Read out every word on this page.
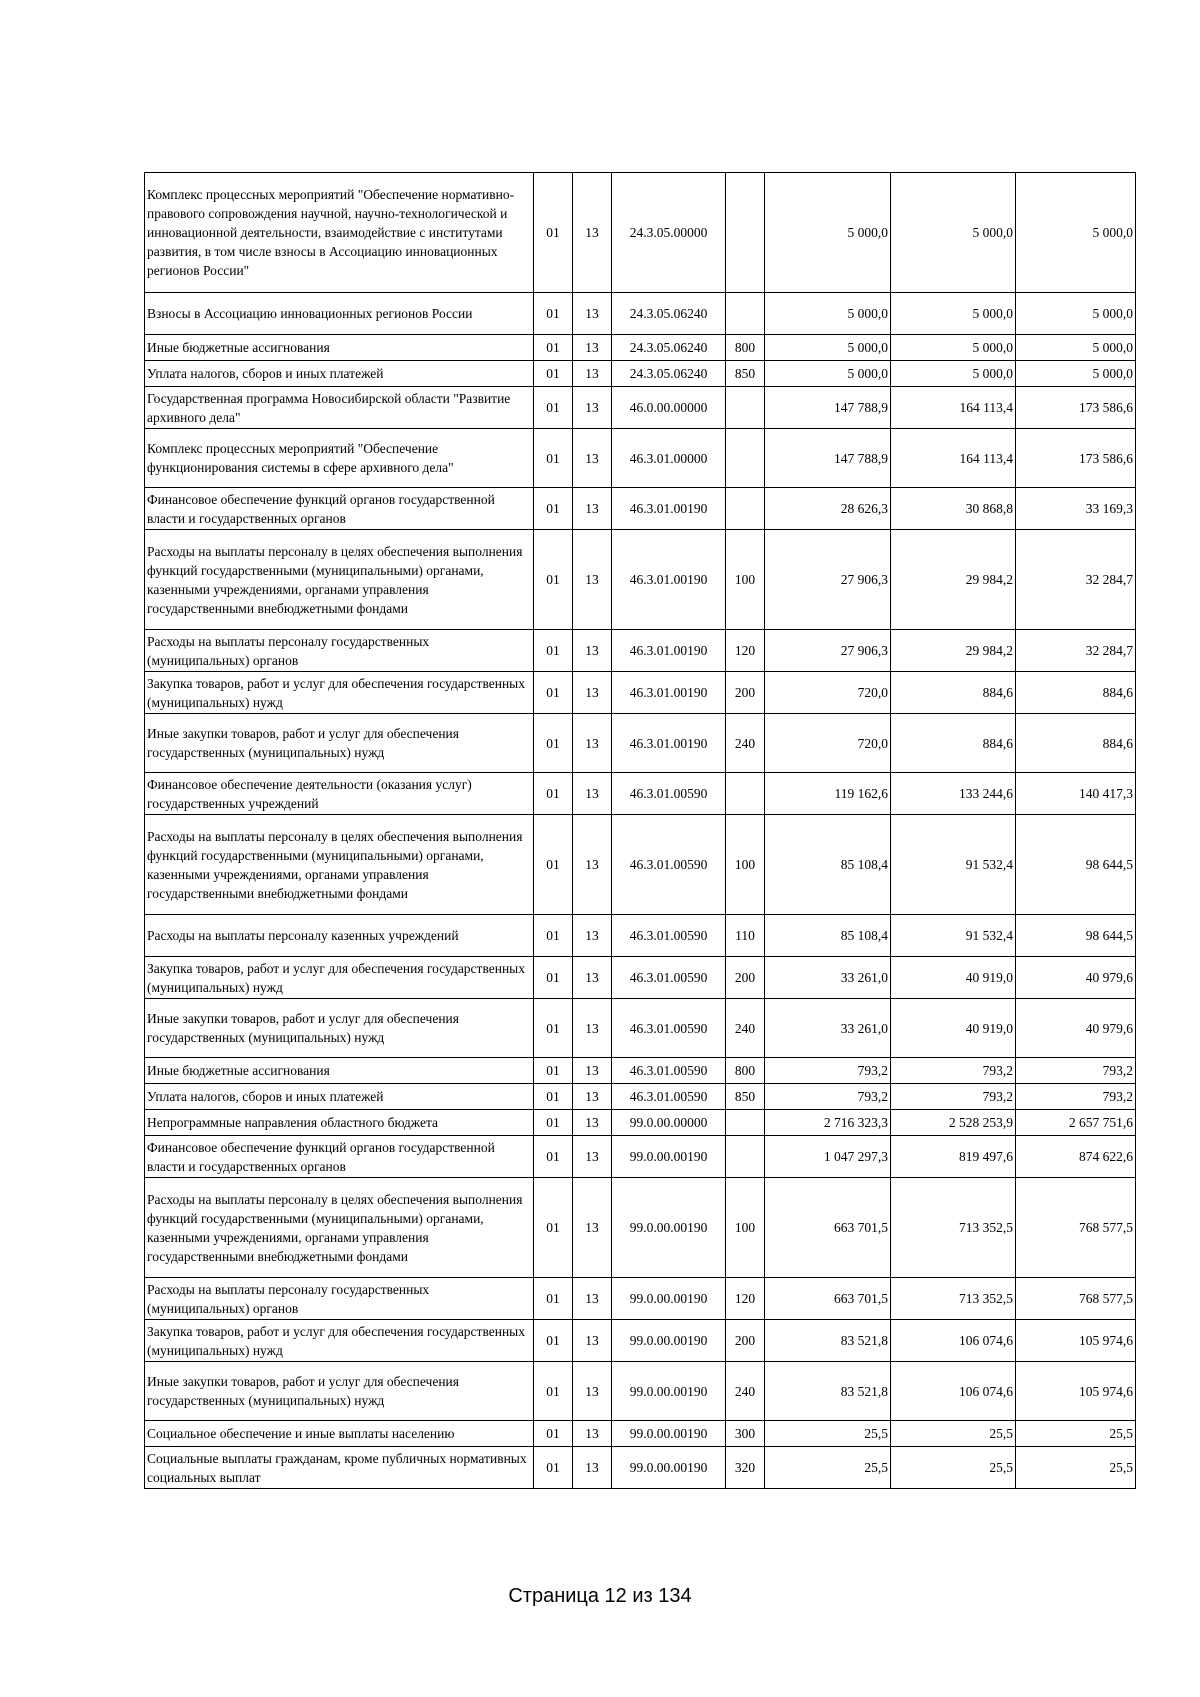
Комплекс процессных мероприятий "Обеспечение нормативно-правового сопровождения научной, научно-технологической и инновационной деятельности, взаимодействие с институтами развития, в том числе взносы в Ассоциацию инновационных регионов России"	01	13	24.3.05.00000		5 000,0	5 000,0	5 000,0
Взносы в Ассоциацию инновационных регионов России	01	13	24.3.05.06240		5 000,0	5 000,0	5 000,0
Иные бюджетные ассигнования	01	13	24.3.05.06240	800	5 000,0	5 000,0	5 000,0
Уплата налогов, сборов и иных платежей	01	13	24.3.05.06240	850	5 000,0	5 000,0	5 000,0
Государственная программа Новосибирской области "Развитие архивного дела"	01	13	46.0.00.00000		147 788,9	164 113,4	173 586,6
Комплекс процессных мероприятий "Обеспечение функционирования системы в сфере архивного дела"	01	13	46.3.01.00000		147 788,9	164 113,4	173 586,6
Финансовое обеспечение функций органов государственной власти и государственных органов	01	13	46.3.01.00190		28 626,3	30 868,8	33 169,3
Расходы на выплаты персоналу в целях обеспечения выполнения функций государственными (муниципальными) органами, казенными учреждениями, органами управления государственными внебюджетными фондами	01	13	46.3.01.00190	100	27 906,3	29 984,2	32 284,7
Расходы на выплаты персоналу государственных (муниципальных) органов	01	13	46.3.01.00190	120	27 906,3	29 984,2	32 284,7
Закупка товаров, работ и услуг для обеспечения государственных (муниципальных) нужд	01	13	46.3.01.00190	200	720,0	884,6	884,6
Иные закупки товаров, работ и услуг для обеспечения государственных (муниципальных) нужд	01	13	46.3.01.00190	240	720,0	884,6	884,6
Финансовое обеспечение деятельности (оказания услуг) государственных учреждений	01	13	46.3.01.00590		119 162,6	133 244,6	140 417,3
Расходы на выплаты персоналу в целях обеспечения выполнения функций государственными (муниципальными) органами, казенными учреждениями, органами управления государственными внебюджетными фондами	01	13	46.3.01.00590	100	85 108,4	91 532,4	98 644,5
Расходы на выплаты персоналу казенных учреждений	01	13	46.3.01.00590	110	85 108,4	91 532,4	98 644,5
Закупка товаров, работ и услуг для обеспечения государственных (муниципальных) нужд	01	13	46.3.01.00590	200	33 261,0	40 919,0	40 979,6
Иные закупки товаров, работ и услуг для обеспечения государственных (муниципальных) нужд	01	13	46.3.01.00590	240	33 261,0	40 919,0	40 979,6
Иные бюджетные ассигнования	01	13	46.3.01.00590	800	793,2	793,2	793,2
Уплата налогов, сборов и иных платежей	01	13	46.3.01.00590	850	793,2	793,2	793,2
Непрограммные направления областного бюджета	01	13	99.0.00.00000		2 716 323,3	2 528 253,9	2 657 751,6
Финансовое обеспечение функций органов государственной власти и государственных органов	01	13	99.0.00.00190		1 047 297,3	819 497,6	874 622,6
Расходы на выплаты персоналу в целях обеспечения выполнения функций государственными (муниципальными) органами, казенными учреждениями, органами управления государственными внебюджетными фондами	01	13	99.0.00.00190	100	663 701,5	713 352,5	768 577,5
Расходы на выплаты персоналу государственных (муниципальных) органов	01	13	99.0.00.00190	120	663 701,5	713 352,5	768 577,5
Закупка товаров, работ и услуг для обеспечения государственных (муниципальных) нужд	01	13	99.0.00.00190	200	83 521,8	106 074,6	105 974,6
Иные закупки товаров, работ и услуг для обеспечения государственных (муниципальных) нужд	01	13	99.0.00.00190	240	83 521,8	106 074,6	105 974,6
Социальное обеспечение и иные выплаты населению	01	13	99.0.00.00190	300	25,5	25,5	25,5
Социальные выплаты гражданам, кроме публичных нормативных социальных выплат	01	13	99.0.00.00190	320	25,5	25,5	25,5
Страница 12 из 134
